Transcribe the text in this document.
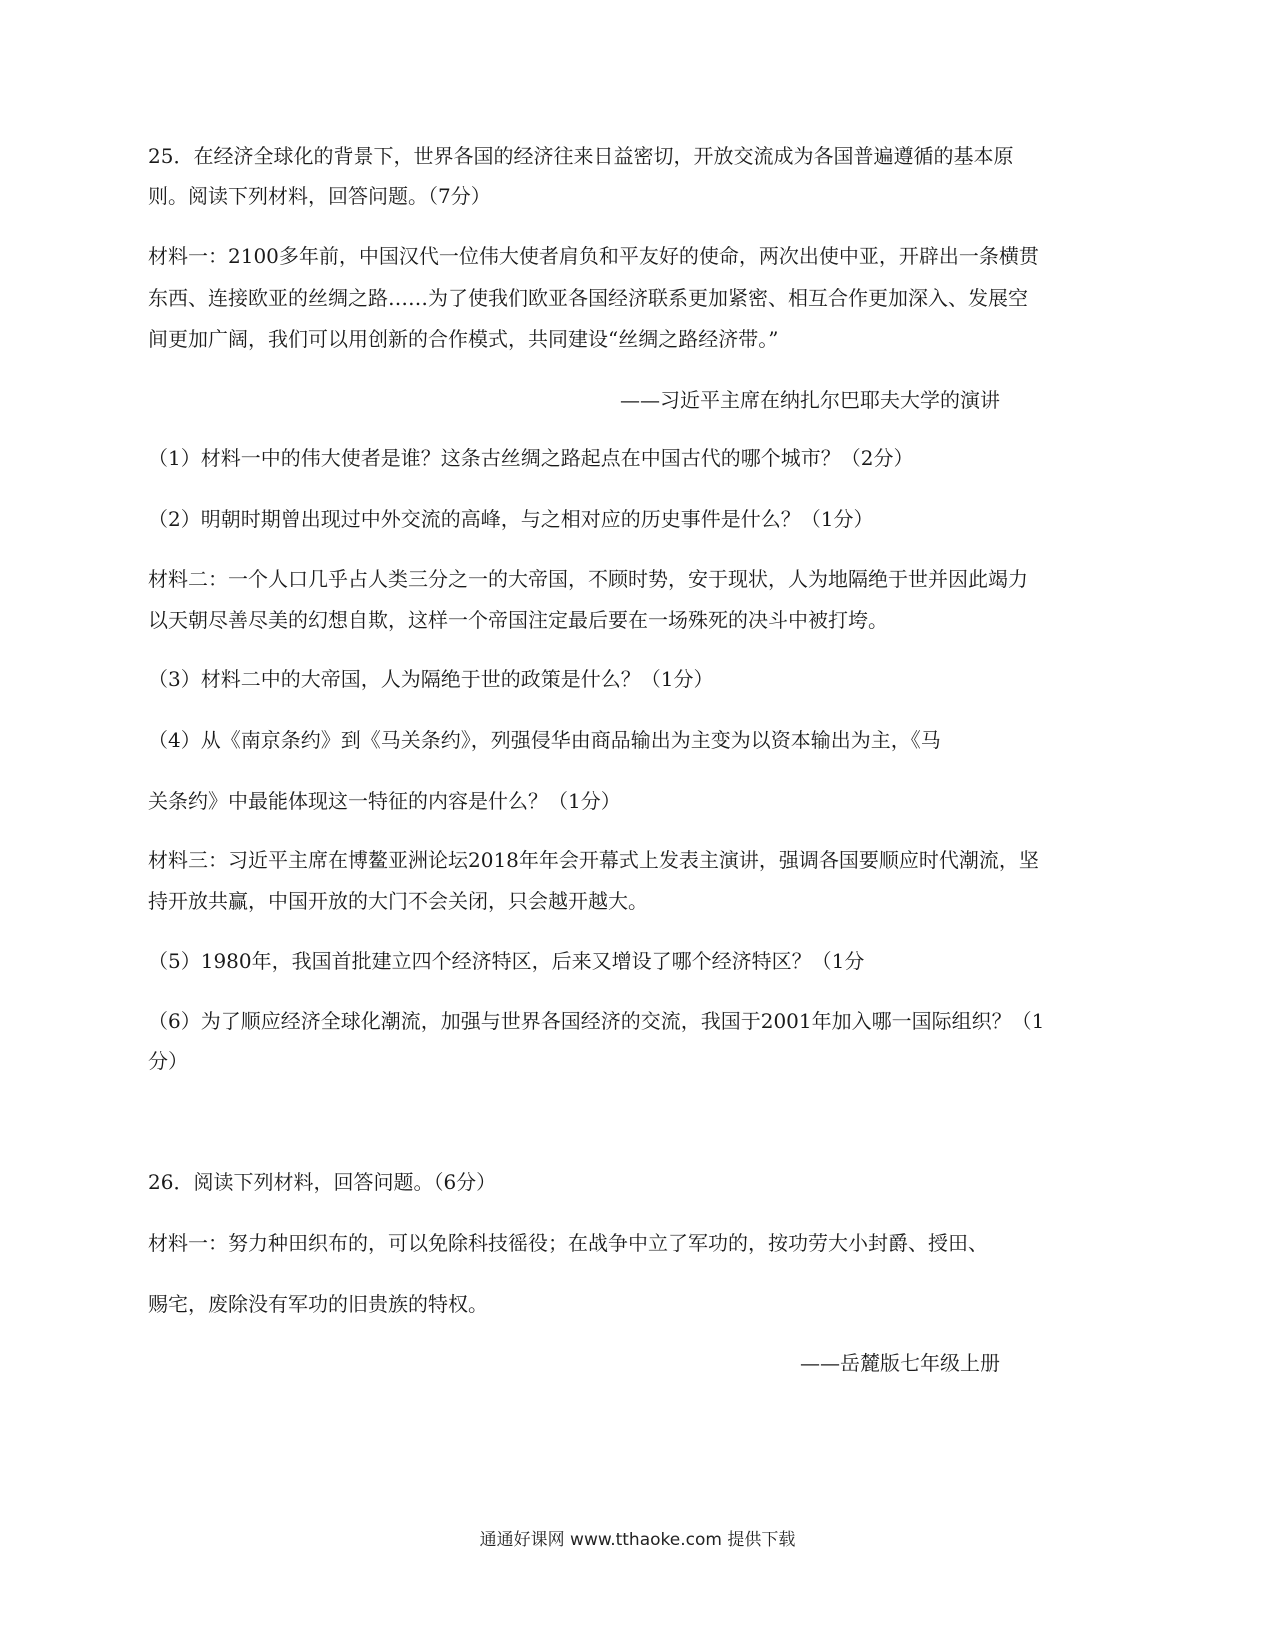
25．在经济全球化的背景下，世界各国的经济往来日益密切，开放交流成为各国普遍遵循的基本原

则。阅读下列材料，回答问题。（7分）

材料一：2100多年前，中国汉代一位伟大使者肩负和平友好的使命，两次出使中亚，开辟出一条横贯

东西、连接欧亚的丝绸之路……为了使我们欧亚各国经济联系更加紧密、相互合作更加深入、发展空

间更加广阔，我们可以用创新的合作模式，共同建设“丝绸之路经济带。”

——习近平主席在纳扎尔巴耶夫大学的演讲

（1）材料一中的伟大使者是谁？这条古丝绸之路起点在中国古代的哪个城市？（2分）

（2）明朝时期曾出现过中外交流的高峰，与之相对应的历史事件是什么？（1分）

材料二：一个人口几乎占人类三分之一的大帝国，不顾时势，安于现状，人为地隔绝于世并因此竭力

以天朝尽善尽美的幻想自欺，这样一个帝国注定最后要在一场殊死的决斗中被打垮。

（3）材料二中的大帝国，人为隔绝于世的政策是什么？（1分）

（4）从《南京条约》到《马关条约》，列强侵华由商品输出为主变为以资本输出为主，《马

关条约》中最能体现这一特征的内容是什么？（1分）

材料三：习近平主席在博鳌亚洲论坛2018年年会开幕式上发表主演讲，强调各国要顺应时代潮流，坚

持开放共赢，中国开放的大门不会关闭，只会越开越大。

（5）1980年，我国首批建立四个经济特区，后来又增设了哪个经济特区？（1分

（6）为了顺应经济全球化潮流，加强与世界各国经济的交流，我国于2001年加入哪一国际组织？（1

分）

26．阅读下列材料，回答问题。（6分）

材料一：努力种田织布的，可以免除科技徭役；在战争中立了军功的，按功劳大小封爵、授田、

赐宅，废除没有军功的旧贵族的特权。

——岳麓版七年级上册

通通好课网 www.tthaoke.com 提供下载
